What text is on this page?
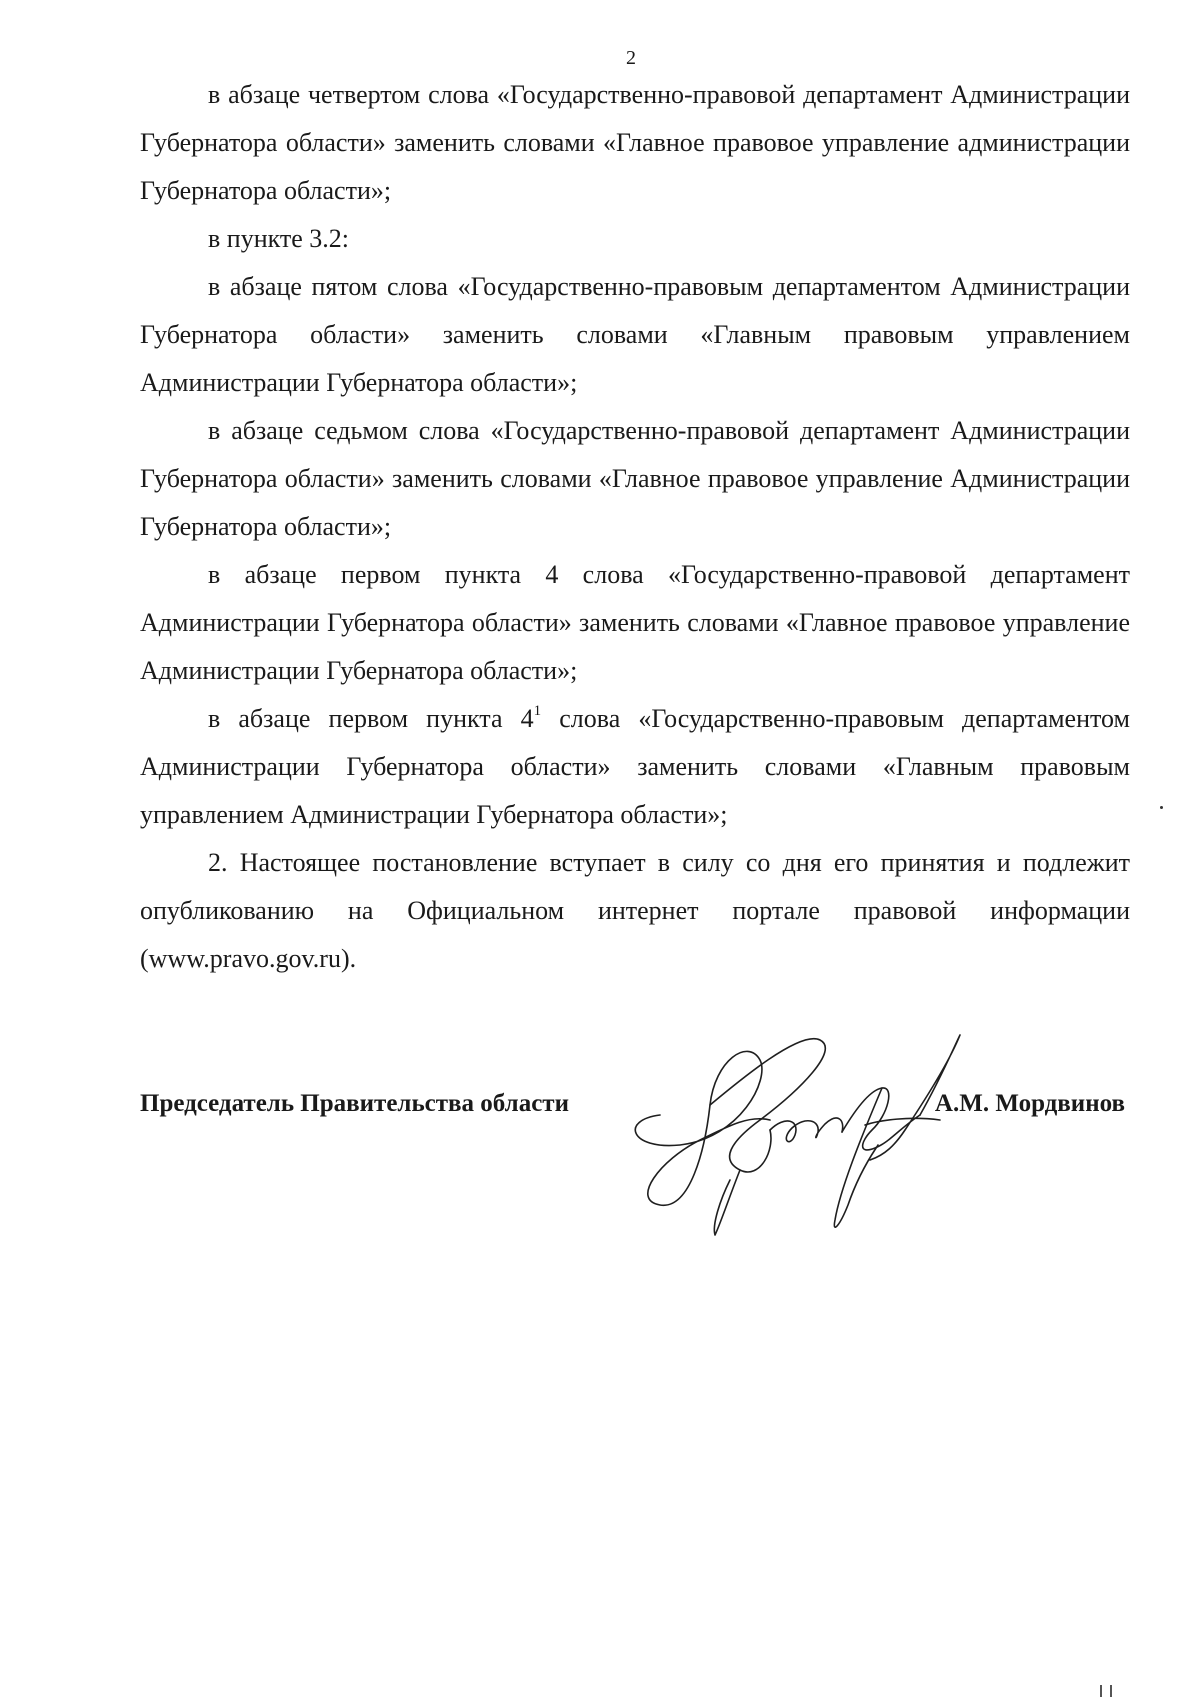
2

в абзаце четвертом слова «Государственно-правовой департамент Администрации Губернатора области» заменить словами «Главное правовое управление администрации Губернатора области»;

в пункте 3.2:

в абзаце пятом слова «Государственно-правовым департаментом Администрации Губернатора области» заменить словами «Главным правовым управлением Администрации Губернатора области»;

в абзаце седьмом слова «Государственно-правовой департамент Администрации Губернатора области» заменить словами «Главное правовое управление Администрации Губернатора области»;

в абзаце первом пункта 4 слова «Государственно-правовой департамент Администрации Губернатора области» заменить словами «Главное правовое управление Администрации Губернатора области»;

в абзаце первом пункта $4^1$ слова «Государственно-правовым департаментом Администрации Губернатора области» заменить словами «Главным правовым управлением Администрации Губернатора области»;

2. Настоящее постановление вступает в силу со дня его принятия и подлежит опубликованию на Официальном интернет портале правовой информации (www.pravo.gov.ru).

Председатель Правительства области	А.М. Мордвинов
